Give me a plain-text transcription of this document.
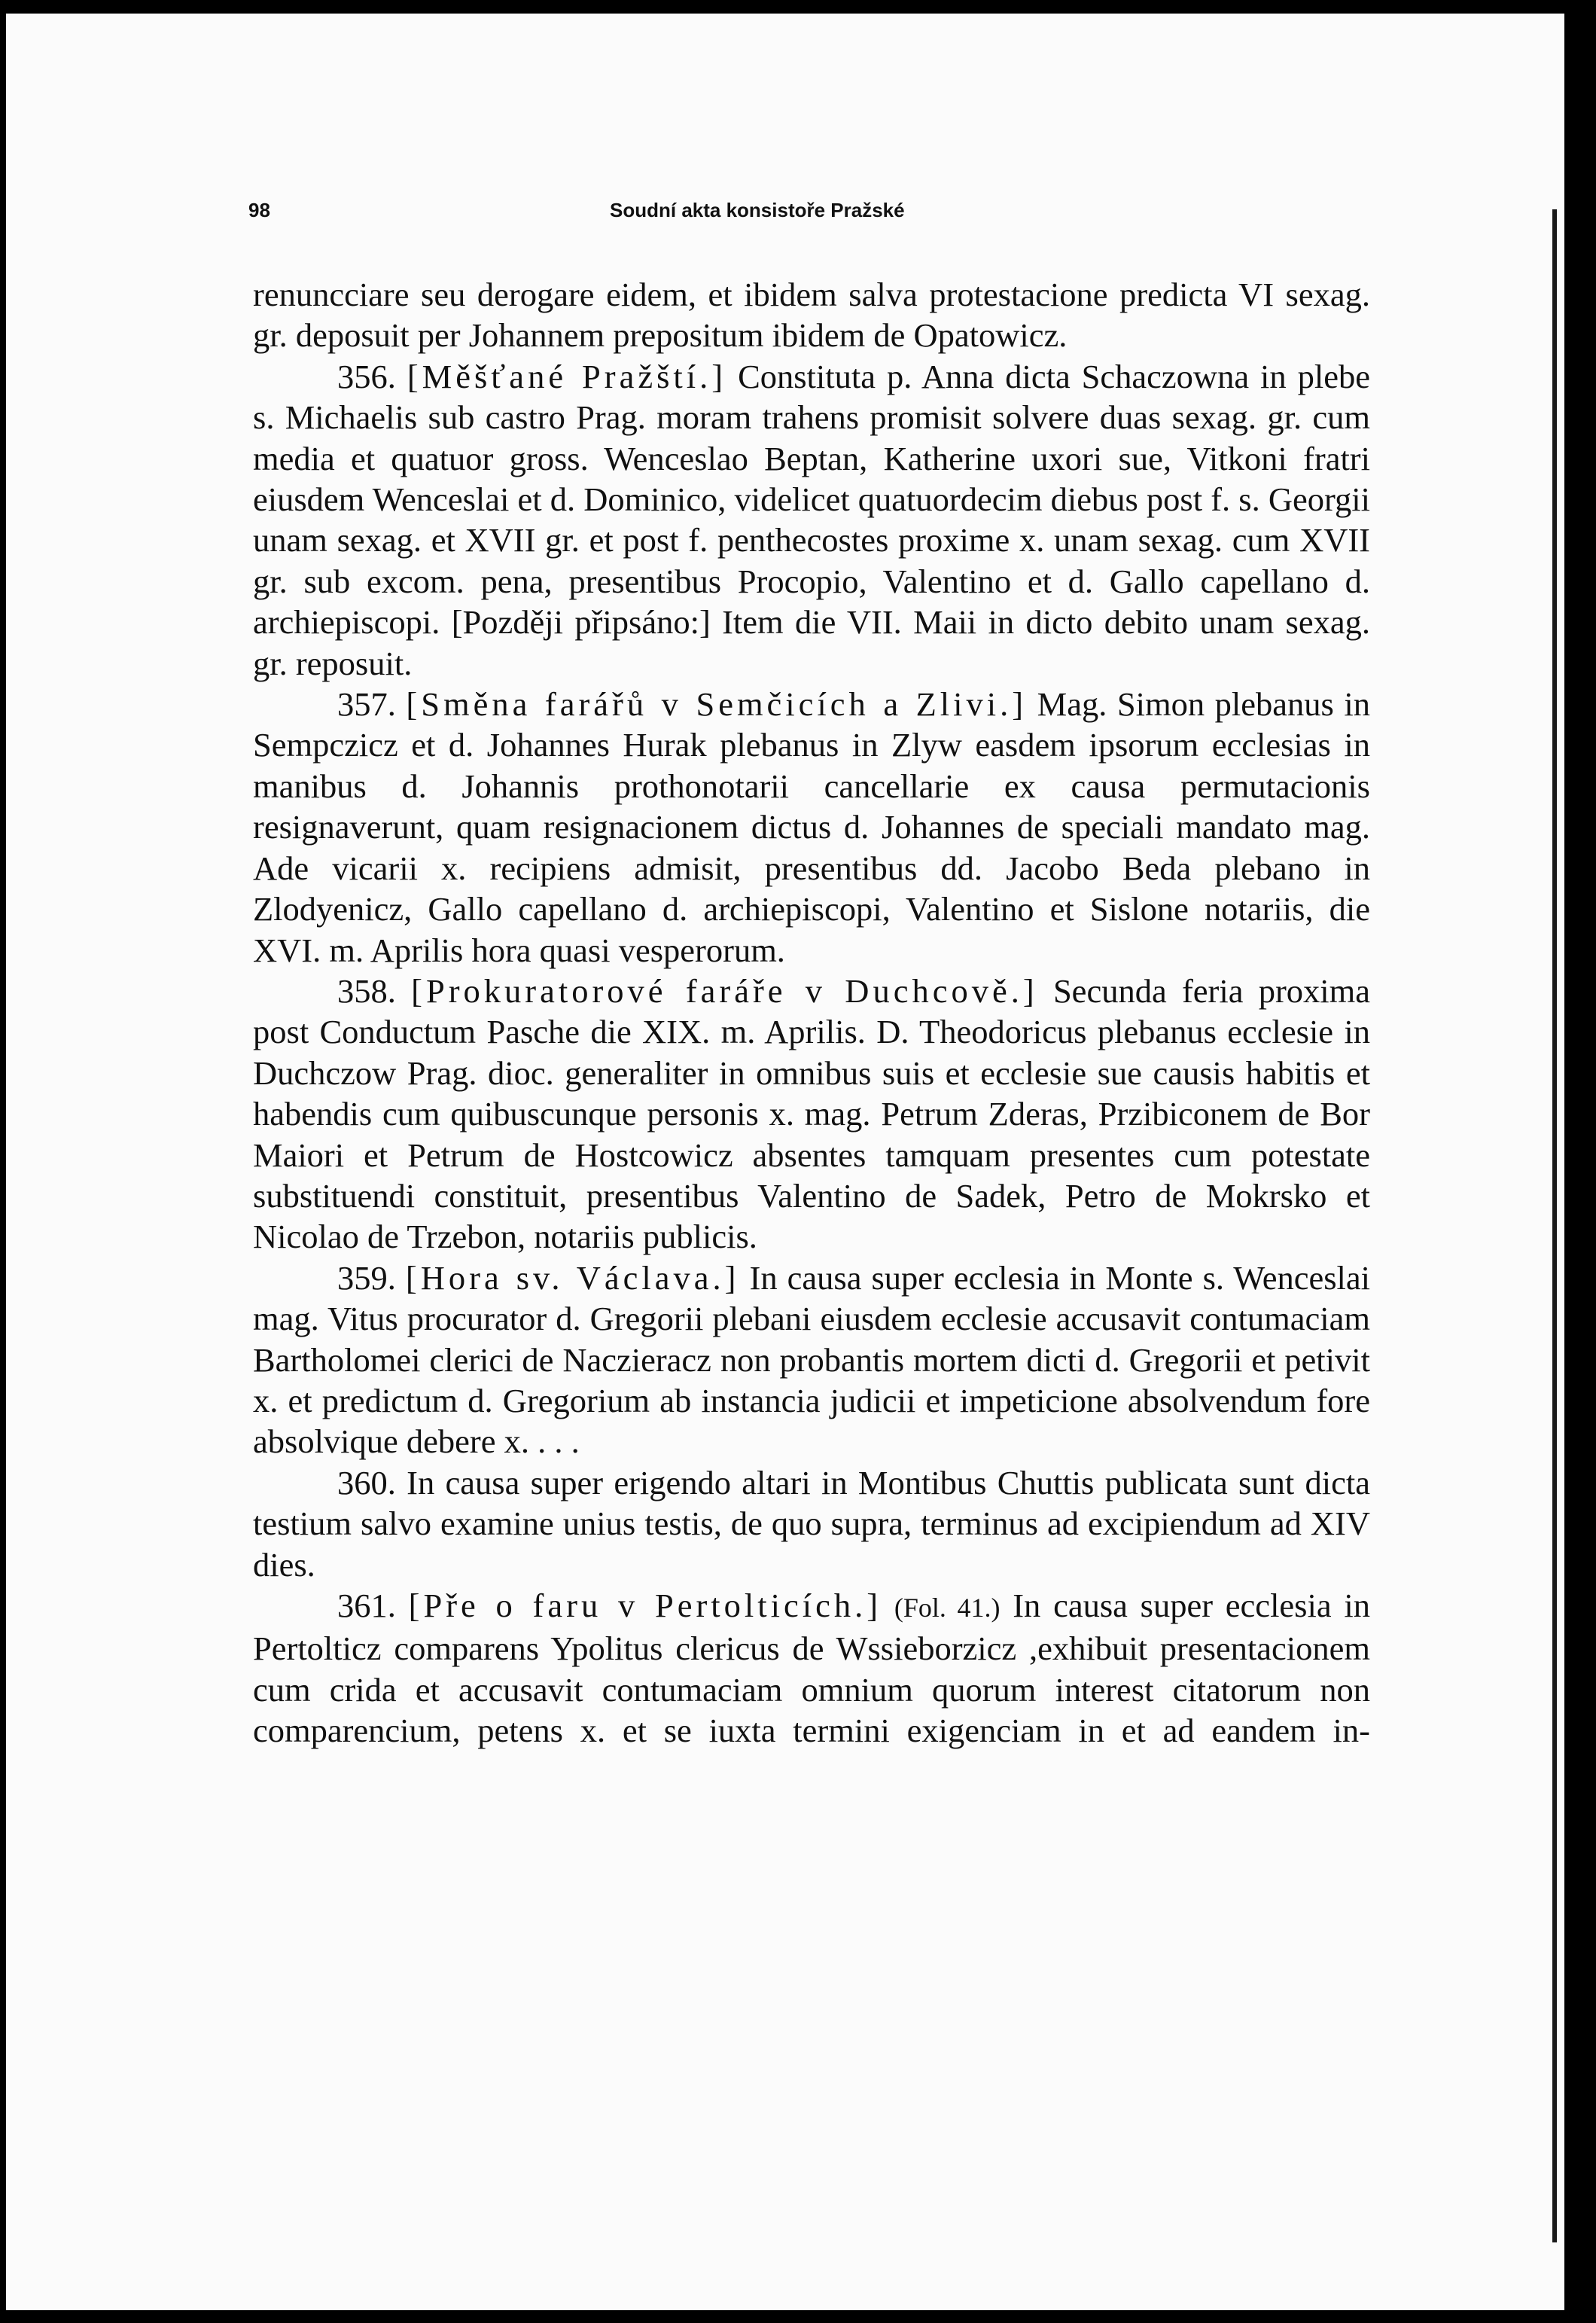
98	Soudní akta konsistoře Pražské

renuncciare seu derogare eidem, et ibidem salva protestacione predicta VI sexag. gr. deposuit per Johannem prepositum ibidem de Opatowicz.

356. [Měšťané Pražští.] Constituta p. Anna dicta Schaczowna in plebe s. Michaelis sub castro Prag. moram trahens promisit solvere duas sexag. gr. cum media et quatuor gross. Wenceslao Beptan, Katherine uxori sue, Vitkoni fratri eiusdem Wenceslai et d. Dominico, videlicet quatuordecim diebus post f. s. Georgii unam sexag. et XVII gr. et post f. penthecostes proxime x. unam sexag. cum XVII gr. sub excom. pena, presentibus Procopio, Valentino et d. Gallo capellano d. archiepiscopi. [Později připsáno:] Item die VII. Maii in dicto debito unam sexag. gr. reposuit.

357. [Směna farářů v Semčicích a Zlivi.] Mag. Simon plebanus in Sempczicz et d. Johannes Hurak plebanus in Zlyw easdem ipsorum ecclesias in manibus d. Johannis prothonotarii cancellarie ex causa permutacionis resignaverunt, quam resignacionem dictus d. Johannes de speciali mandato mag. Ade vicarii x. recipiens admisit, presentibus dd. Jacobo Beda plebano in Zlodyenicz, Gallo capellano d. archiepiscopi, Valentino et Sislone notariis, die XVI. m. Aprilis hora quasi vesperorum.

358. [Prokuratorové faráře v Duchcově.] Secunda feria proxima post Conductum Pasche die XIX. m. Aprilis. D. Theodoricus plebanus ecclesie in Duchczow Prag. dioc. generaliter in omnibus suis et ecclesie sue causis habitis et habendis cum quibuscunque personis x. mag. Petrum Zderas, Przibiconem de Bor Maiori et Petrum de Hostcowicz absentes tamquam presentes cum potestate substituendi constituit, presentibus Valentino de Sadek, Petro de Mokrsko et Nicolao de Trzebon, notariis publicis.

359. [Hora sv. Václava.] In causa super ecclesia in Monte s. Wenceslai mag. Vitus procurator d. Gregorii plebani eiusdem ecclesie accusavit contumaciam Bartholomei clerici de Naczieracz non probantis mortem dicti d. Gregorii et petivit x. et predictum d. Gregorium ab instancia judicii et impeticione absolvendum fore absolvique debere x. . . .

360. In causa super erigendo altari in Montibus Chuttis publicata sunt dicta testium salvo examine unius testis, de quo supra, terminus ad excipiendum ad XIV dies.

361. [Pře o faru v Pertolticích.] (Fol. 41.) In causa super ecclesia in Pertolticz comparens Ypolitus clericus de Wssieborzicz ,exhibuit presentacionem cum crida et accusavit contumaciam omnium quorum interest citatorum non comparencium, petens x. et se iuxta termini exigenciam in et ad eandem in-
